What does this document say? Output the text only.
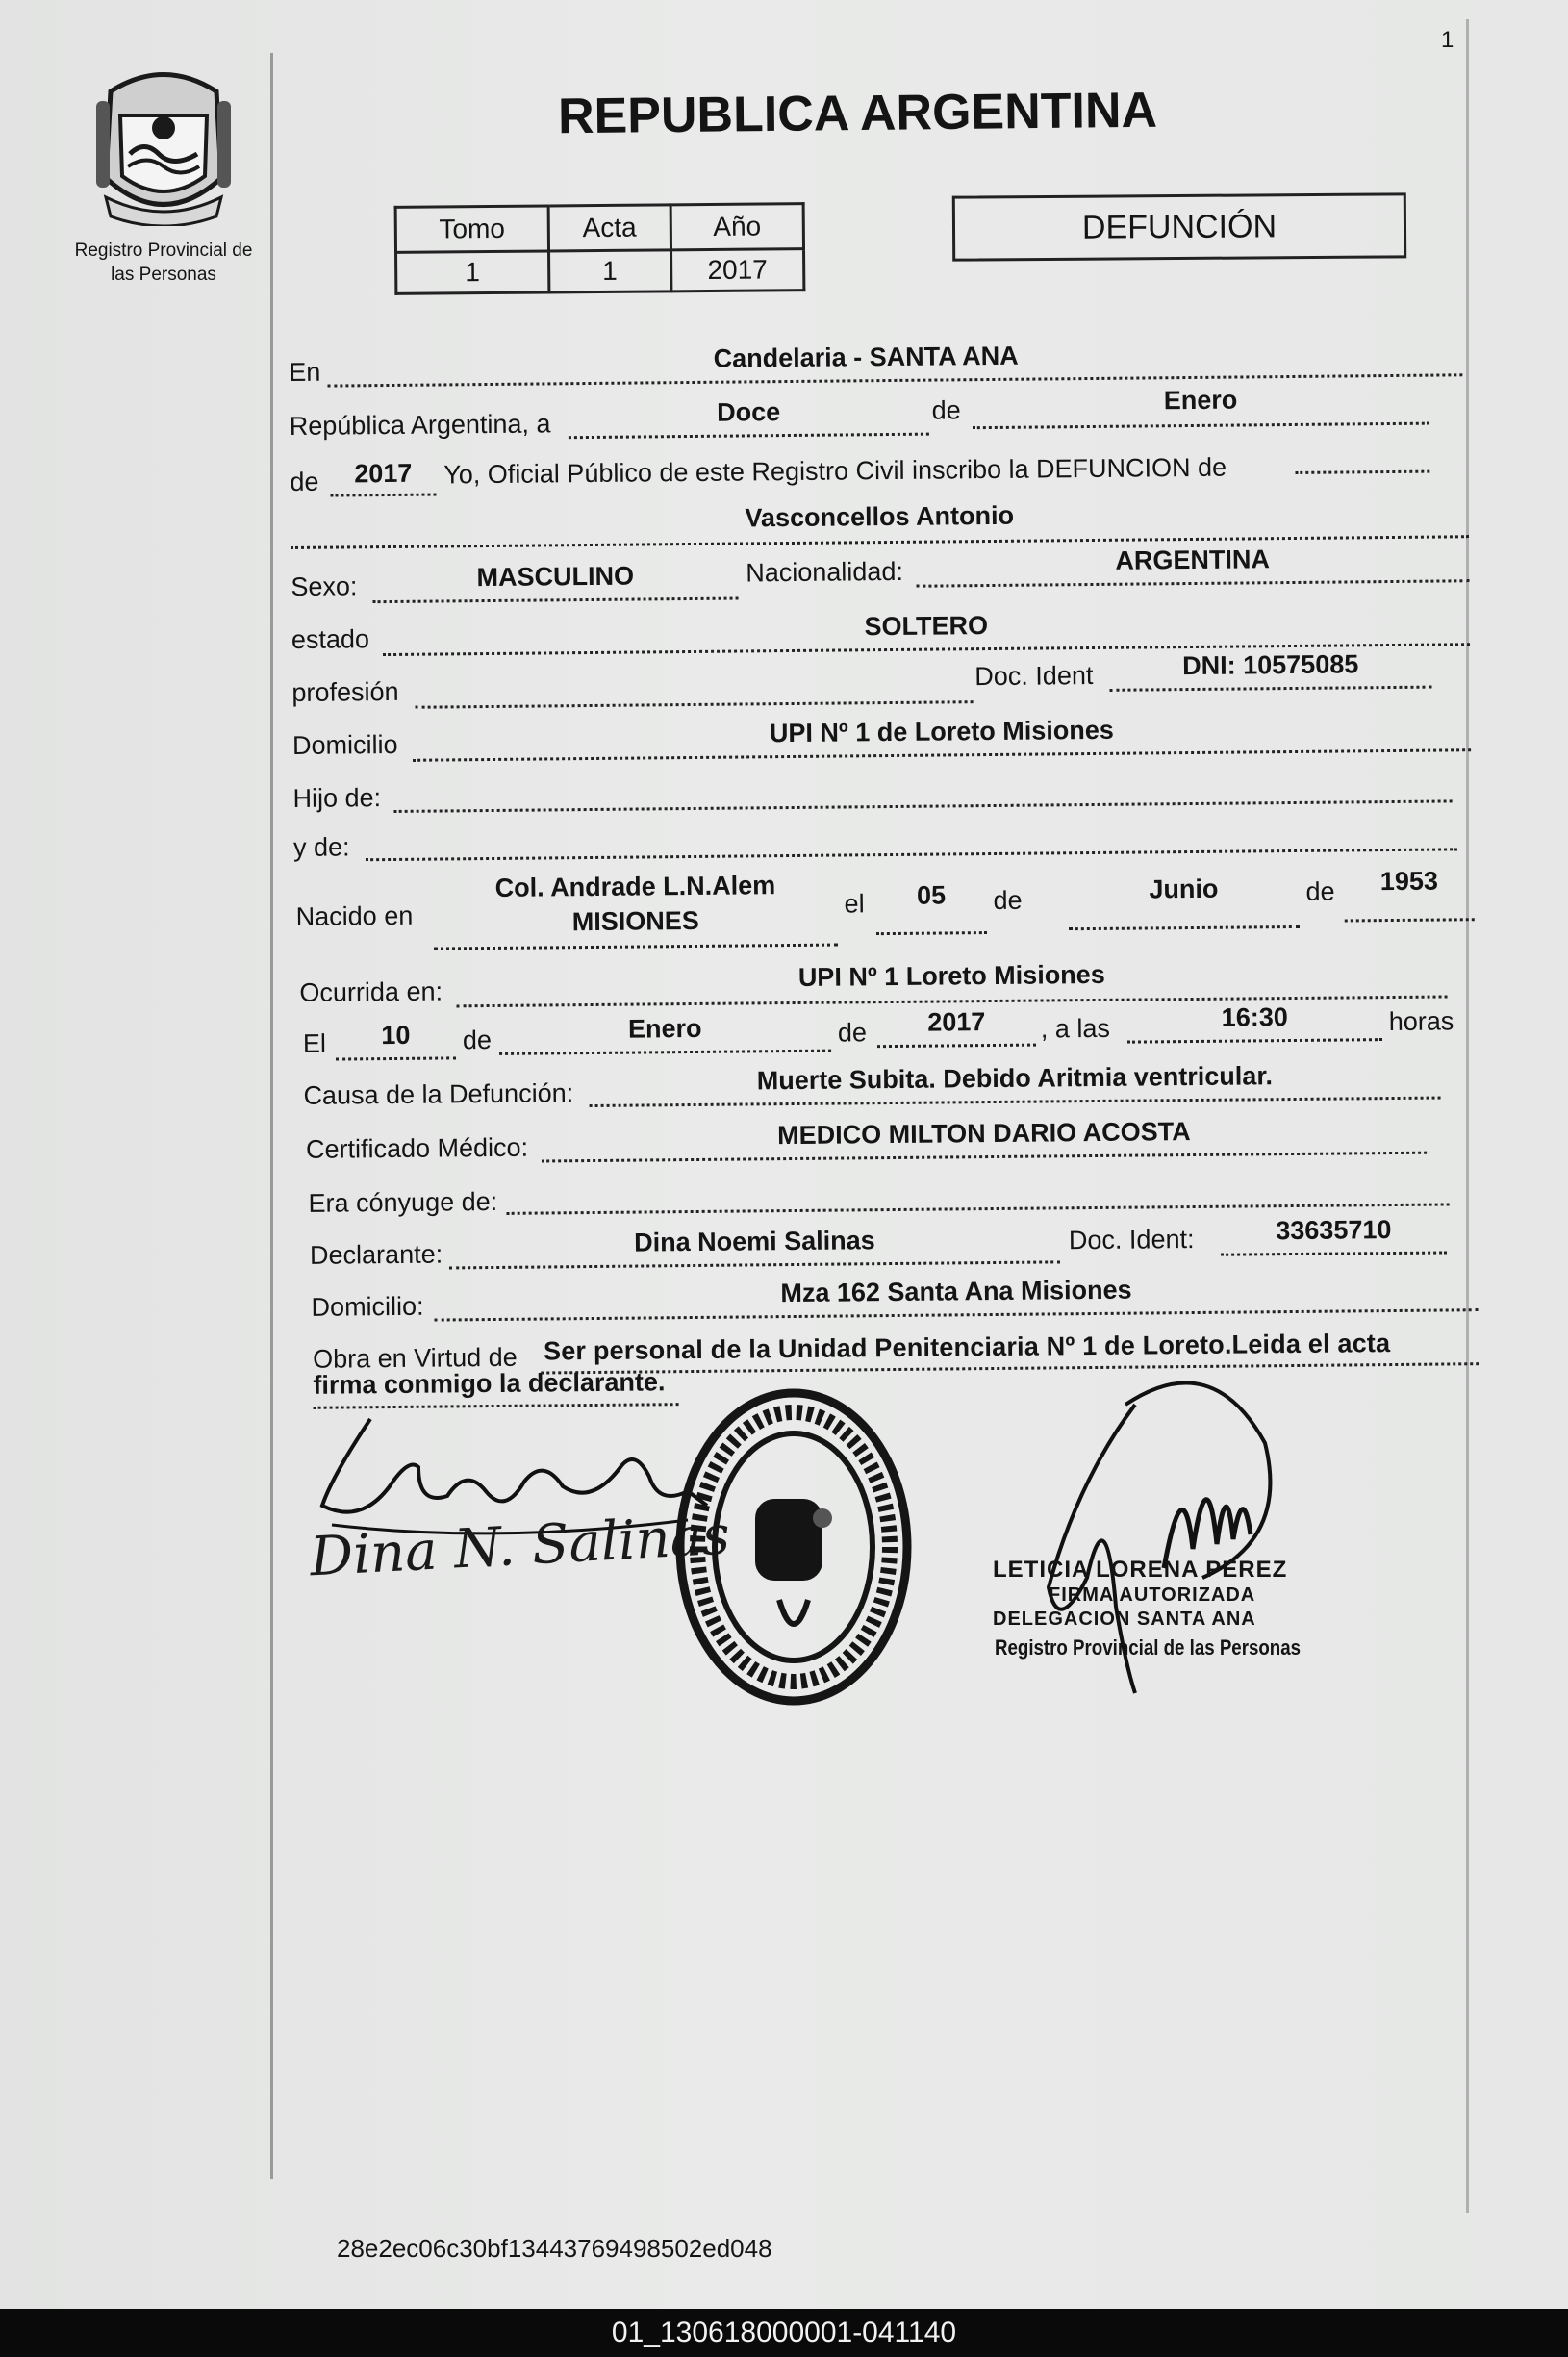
1
Registro Provincial de
las Personas
REPUBLICA ARGENTINA
Tomo	Acta	Año
1	1	2017
DEFUNCIÓN
En	Candelaria - SANTA ANA
República Argentina, a	Doce	de	Enero
de	2017	Yo, Oficial Público de este Registro Civil inscribo la DEFUNCION de
Vasconcellos Antonio
Sexo:	MASCULINO	Nacionalidad:	ARGENTINA
estado	SOLTERO
profesión
Doc. Ident	DNI: 10575085
Domicilio	UPI Nº 1 de Loreto Misiones
Hijo de:
y de:
Nacido en
Col. Andrade L.N.Alem
MISIONES
el	05	de	Junio	de	1953
Ocurrida en:
UPI Nº 1 Loreto Misiones
El	10	de	Enero	de	2017	, a las	16:30	horas
Causa de la Defunción:	Muerte Subita. Debido Aritmia ventricular.
Certificado Médico:	MEDICO MILTON DARIO ACOSTA
Era cónyuge de:
Declarante:	Dina Noemi Salinas	Doc. Ident:	33635710
Domicilio:	Mza 162 Santa Ana Misiones
Obra en Virtud de Ser personal de la Unidad Penitenciaria Nº 1 de Loreto.Leida el acta
firma conmigo la declarante.
Dina N. Salinas	LETICIA LORENA PEREZ
FIRMA AUTORIZADA
DELEGACION SANTA ANA
Registro Provincial de las Personas
28e2ec06c30bf13443769498502ed048
01_130618000001-041140
